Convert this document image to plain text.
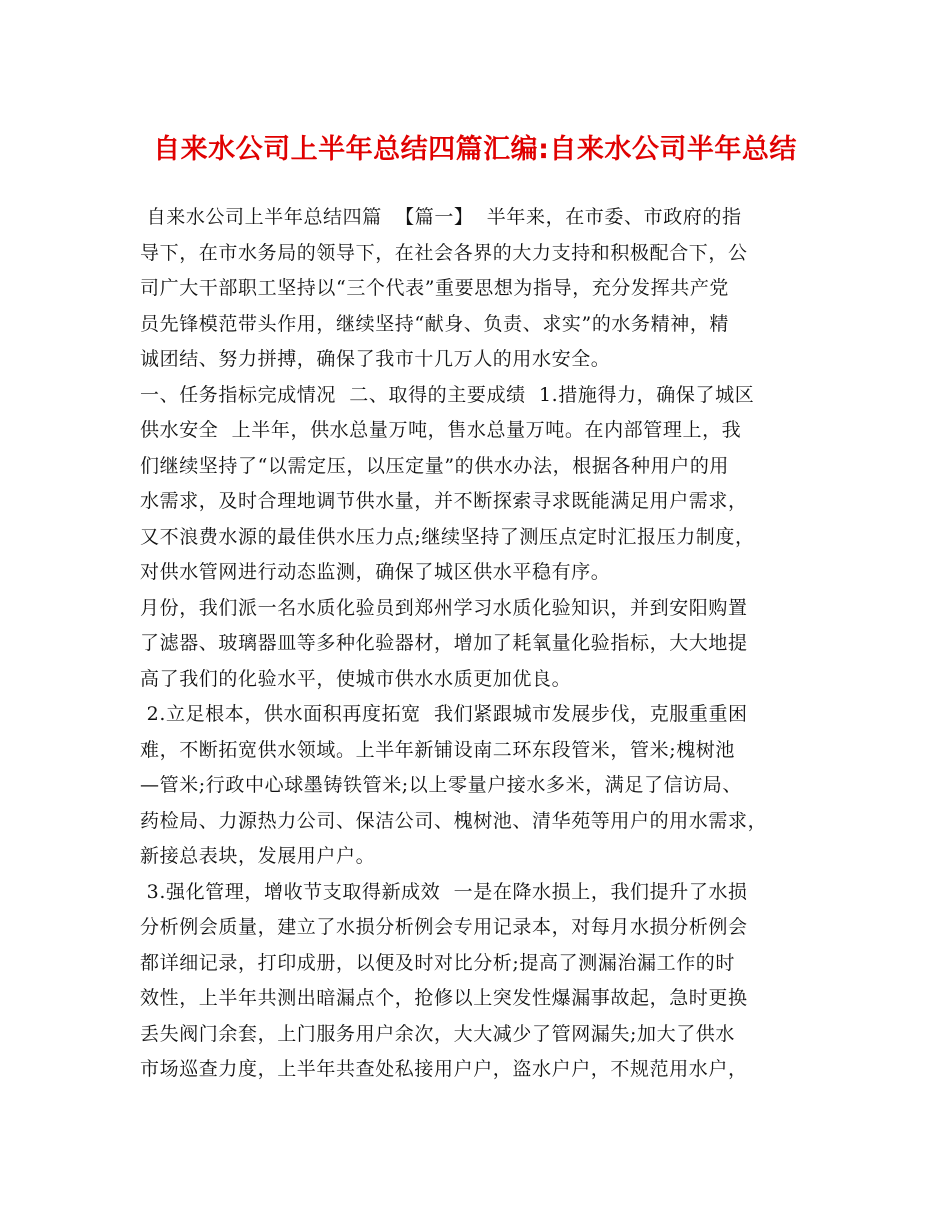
自来水公司上半年总结四篇汇编:自来水公司半年总结
自来水公司上半年总结四篇  【篇一】  半年来，在市委、市政府的指
导下，在市水务局的领导下，在社会各界的大力支持和积极配合下，公
司广大干部职工坚持以“三个代表”重要思想为指导，充分发挥共产党
员先锋模范带头作用，继续坚持“献身、负责、求实”的水务精神，精
诚团结、努力拼搏，确保了我市十几万人的用水安全。
一、任务指标完成情况  二、取得的主要成绩  1.措施得力，确保了城区
供水安全  上半年，供水总量万吨，售水总量万吨。在内部管理上，我
们继续坚持了“以需定压，以压定量”的供水办法，根据各种用户的用
水需求，及时合理地调节供水量，并不断探索寻求既能满足用户需求，
又不浪费水源的最佳供水压力点;继续坚持了测压点定时汇报压力制度，
对供水管网进行动态监测，确保了城区供水平稳有序。
月份，我们派一名水质化验员到郑州学习水质化验知识，并到安阳购置
了滤器、玻璃器皿等多种化验器材，增加了耗氧量化验指标，大大地提
高了我们的化验水平，使城市供水水质更加优良。
2.立足根本，供水面积再度拓宽  我们紧跟城市发展步伐，克服重重困
难，不断拓宽供水领域。上半年新铺设南二环东段管米，管米;槐树池
—管米;行政中心球墨铸铁管米;以上零量户接水多米，满足了信访局、
药检局、力源热力公司、保洁公司、槐树池、清华苑等用户的用水需求，
新接总表块，发展用户户。
3.强化管理，增收节支取得新成效  一是在降水损上，我们提升了水损
分析例会质量，建立了水损分析例会专用记录本，对每月水损分析例会
都详细记录，打印成册，以便及时对比分析;提高了测漏治漏工作的时
效性，上半年共测出暗漏点个，抢修以上突发性爆漏事故起，急时更换
丢失阀门余套，上门服务用户余次，大大减少了管网漏失;加大了供水
市场巡查力度，上半年共查处私接用户户，盗水户户，不规范用水户，
